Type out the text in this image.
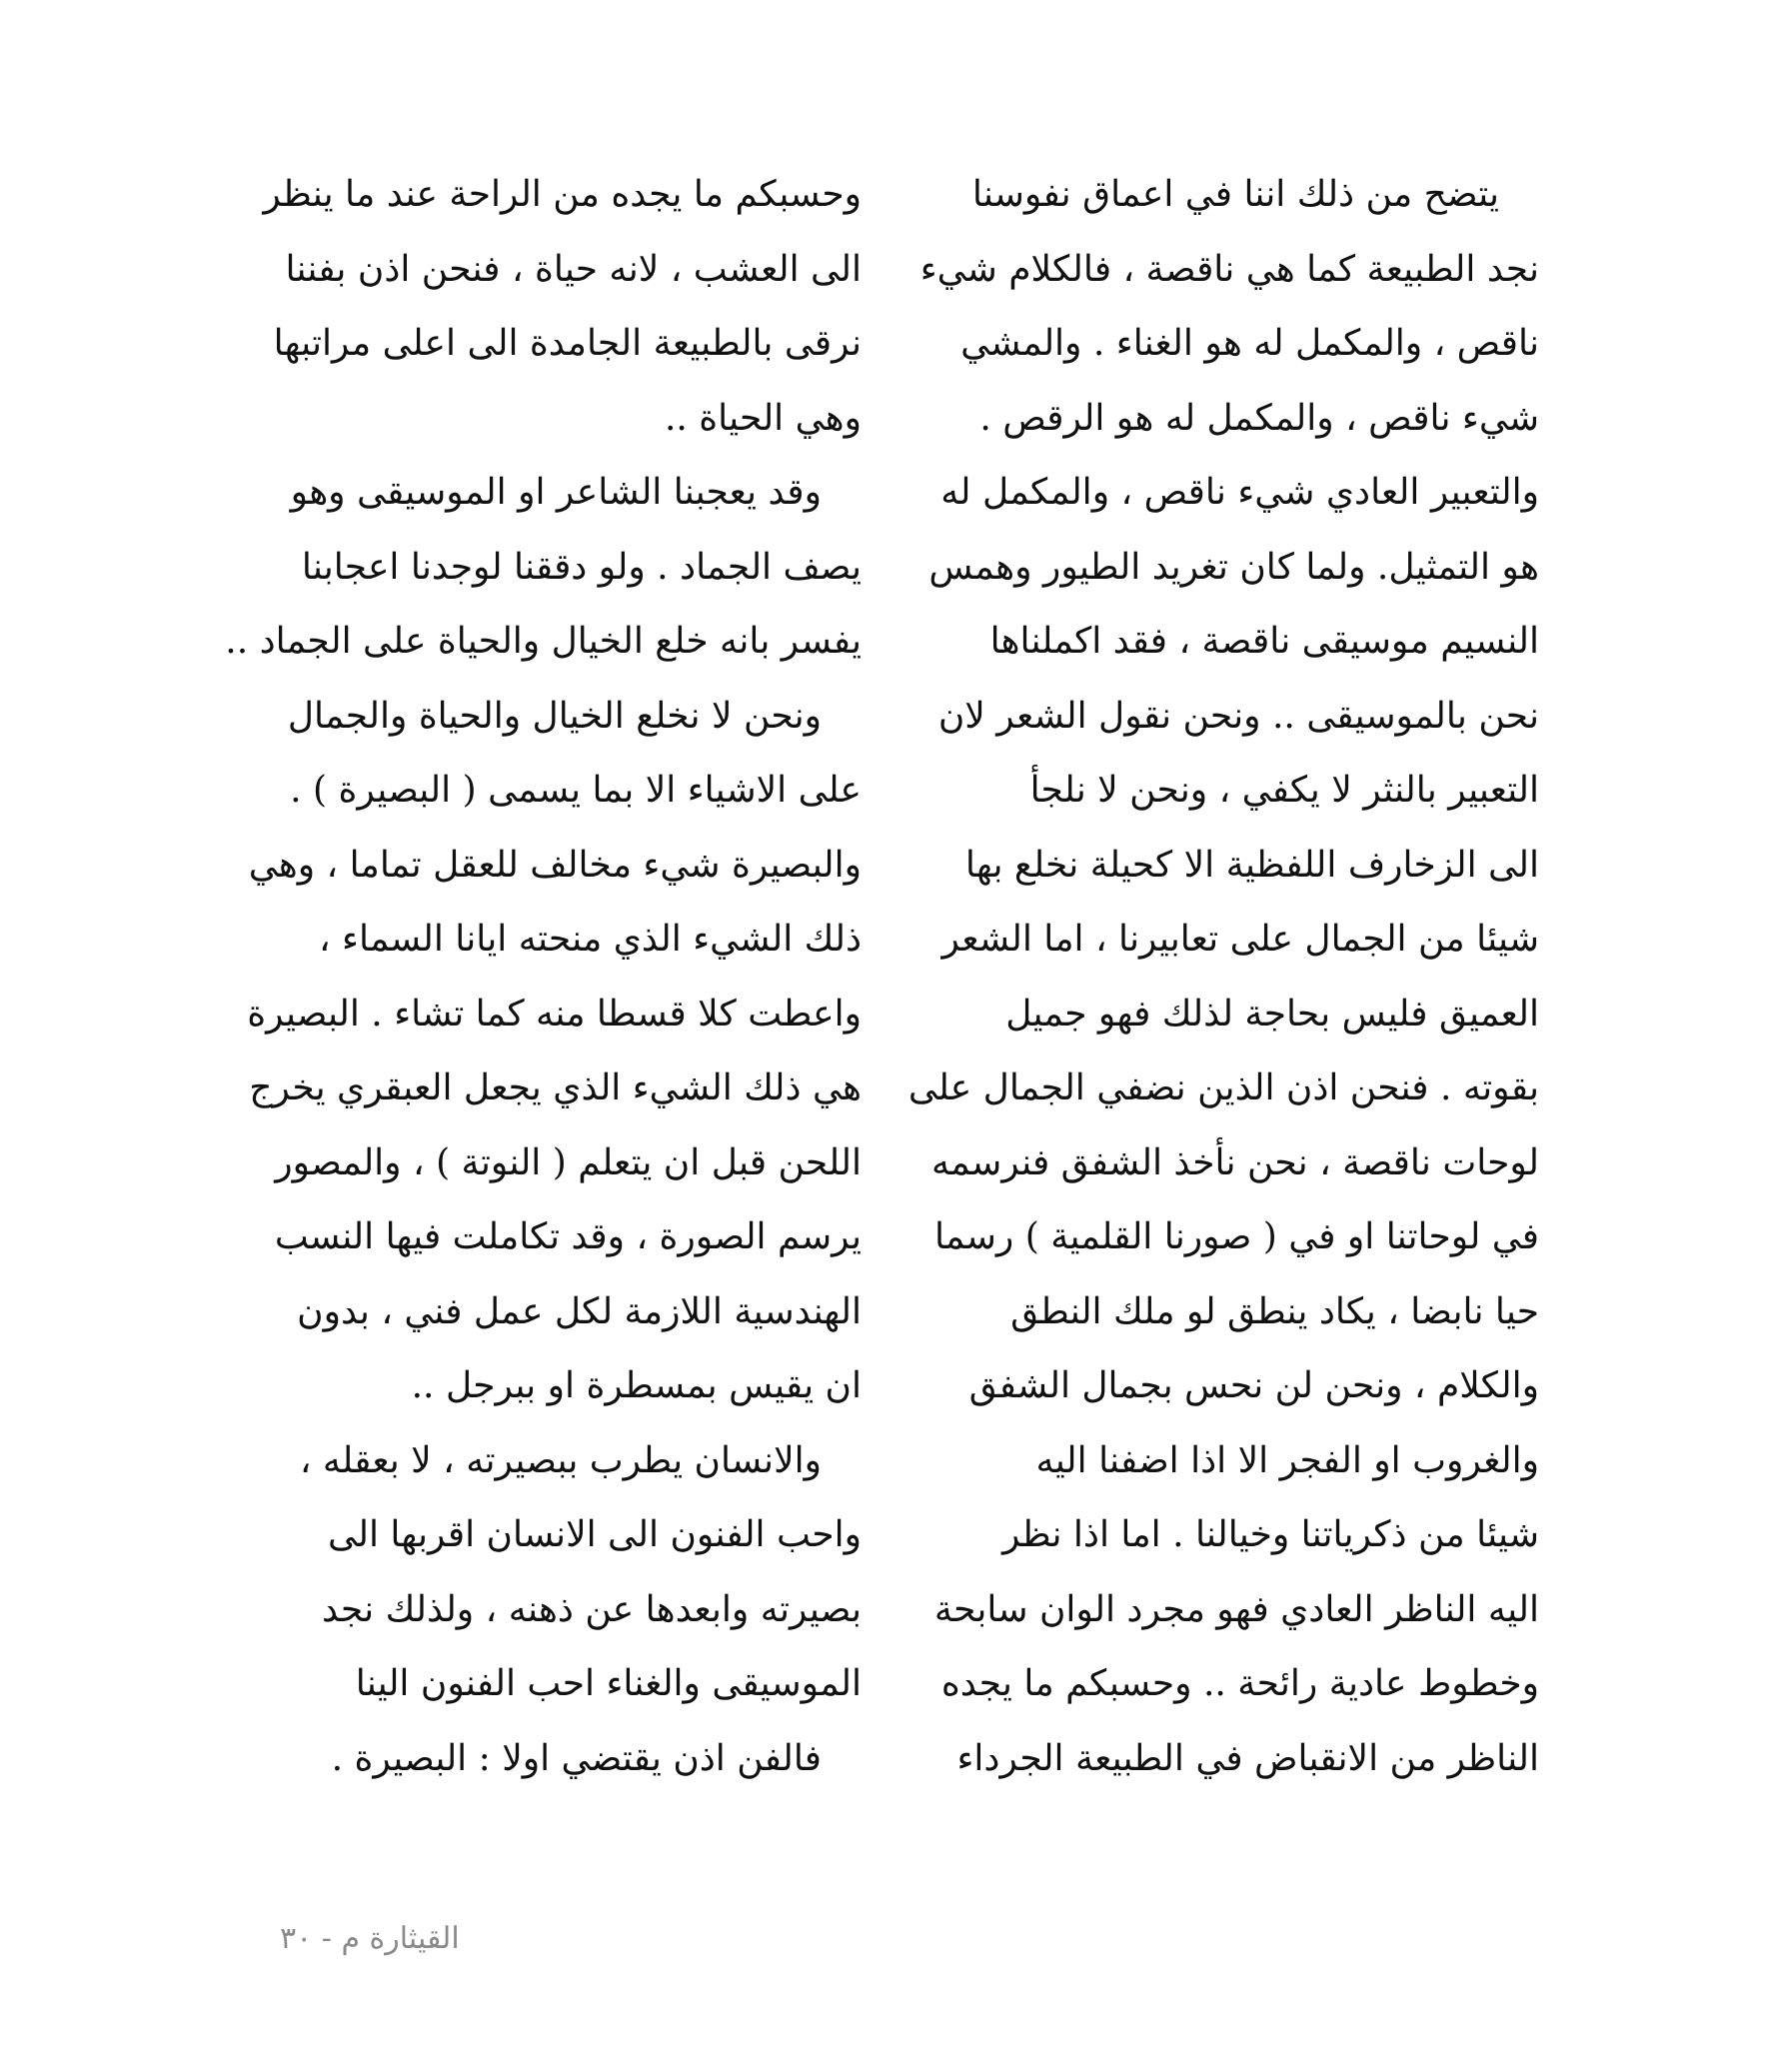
يتضح من ذلك اننا في اعماق نفوسنا
نجد الطبيعة كما هي ناقصة ، فالكلام شيء
ناقص ، والمكمل له هو الغناء . والمشي
شيء ناقص ، والمكمل له هو الرقص .
والتعبير العادي شيء ناقص ، والمكمل له
هو التمثيل. ولما كان تغريد الطيور وهمس
النسيم موسيقى ناقصة ، فقد اكملناها
نحن بالموسيقى .. ونحن نقول الشعر لان
التعبير بالنثر لا يكفي ، ونحن لا نلجأ
الى الزخارف اللفظية الا كحيلة نخلع بها
شيئا من الجمال على تعابيرنا ، اما الشعر
العميق فليس بحاجة لذلك فهو جميل
بقوته . فنحن اذن الذين نضفي الجمال على
لوحات ناقصة ، نحن نأخذ الشفق فنرسمه
في لوحاتنا او في ( صورنا القلمية ) رسما
حيا نابضا ، يكاد ينطق لو ملك النطق
والكلام ، ونحن لن نحس بجمال الشفق
والغروب او الفجر الا اذا اضفنا اليه
شيئا من ذكرياتنا وخيالنا . اما اذا نظر
اليه الناظر العادي فهو مجرد الوان سابحة
وخطوط عادية رائحة .. وحسبكم ما يجده
الناظر من الانقباض في الطبيعة الجرداء
وحسبكم ما يجده من الراحة عند ما ينظر
الى العشب ، لانه حياة ، فنحن اذن بفننا
نرقى بالطبيعة الجامدة الى اعلى مراتبها
وهي الحياة ..
وقد يعجبنا الشاعر او الموسيقى وهو
يصف الجماد . ولو دققنا لوجدنا اعجابنا
يفسر بانه خلع الخيال والحياة على الجماد ..
ونحن لا نخلع الخيال والحياة والجمال
على الاشياء الا بما يسمى ( البصيرة ) .
والبصيرة شيء مخالف للعقل تماما ، وهي
ذلك الشيء الذي منحته ايانا السماء ،
واعطت كلا قسطا منه كما تشاء . البصيرة
هي ذلك الشيء الذي يجعل العبقري يخرج
اللحن قبل ان يتعلم ( النوتة ) ، والمصور
يرسم الصورة ، وقد تكاملت فيها النسب
الهندسية اللازمة لكل عمل فني ، بدون
ان يقيس بمسطرة او ببرجل ..
والانسان يطرب ببصيرته ، لا بعقله ،
واحب الفنون الى الانسان اقربها الى
بصيرته وابعدها عن ذهنه ، ولذلك نجد
الموسيقى والغناء احب الفنون الينا
فالفن اذن يقتضي اولا : البصيرة .
القيثارة م - ٣٠
